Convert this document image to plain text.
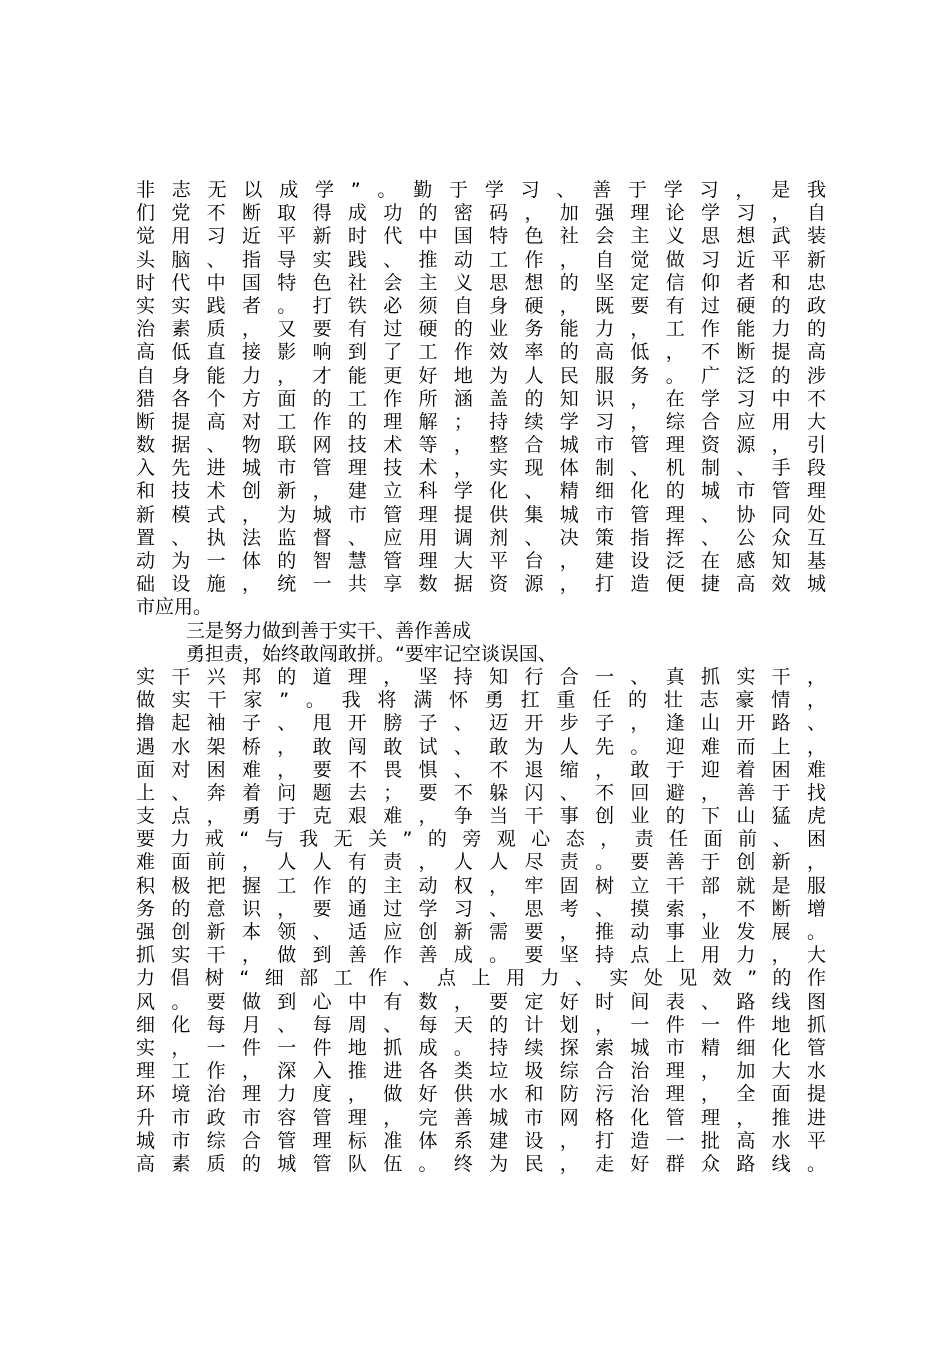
非志无以成学”。勤于学习、善于学习，是我
们党不断取得成功的密码，加强理论学习，自
觉用习近平新时代中国特色社会主义思想武装
头脑、指导实践、推动工作，自觉做习近平新
时代中国特色社会主义思想的坚定信仰者和忠
实实践者。打铁必须自身硬，既要有过硬的政
治素质，又要有过硬的业务能力，工作能力的
高低直接影响到了工作效率的高低，不断提高
自身能力，才能更好地为人民服务。广泛的涉
猎各个方面的工作所涵盖的知识，在学习中不
断提高对工作的理解；持续学习，综合应用大
数据、物联网技术等，整合城市管理资源，引
入先进城市管理技术，实现体制、机制、手段
和技术创新，建立科学化、精细化的城市管理
新模式，为城市管理提供集城市管理、协同处
置、执法监督、应用调剂、决策指挥、公众互
动为一体的智慧管理大平台，建设泛在感知基
础设施，统一共享数据资源，打造便捷高效城
市应用。
三是努力做到善于实干、善作善成
勇担责，始终敢闯敢拼。“要牢记空谈误国、
实干兴邦的道理，坚持知行合一、真抓实干，
做实干家”。我将满怀勇扛重任的壮志豪情，
撸起袖子、甩开膀子、迈开步子，逢山开路、
遇水架桥，敢闯敢试、敢为人先。迎难而上，
面对困难，要不畏惧、不退缩，敢于迎着困难
上、奔着问题去；要不躲闪、不回避，善于找
支点，勇于克艰难，争当干事创业的下山猛虎
要力戒“与我无关”的旁观心态，责任面前、困
难面前，人人有责，人人尽责。要善于创新，
积极把握工作的主动权，牢固树立干部就是服
务的意识，要通过学习、思考、摸索，不断增
强创新本领、适应创新需要，推动事业发展。
抓实干，做到善作善成。要坚持点上用力，大
力倡树“细部工作、点上用力、实处见效”的作
风。要做到心中有数，要定好时间表、路线图
细化每月、每周、每天的计划，一件一件地抓
实，一件一件地抓成。持续探索城市精细化管
理工作，深入推进各类垃圾综合治理，加大水
环境治理力度，做好供水和防污治理，全面提
升市政市容管理，完善城市网格化管理，推进
城市综合管理标准体系建设，打造一批高水平
高素质的城管队伍。终为民，走好群众路线。
